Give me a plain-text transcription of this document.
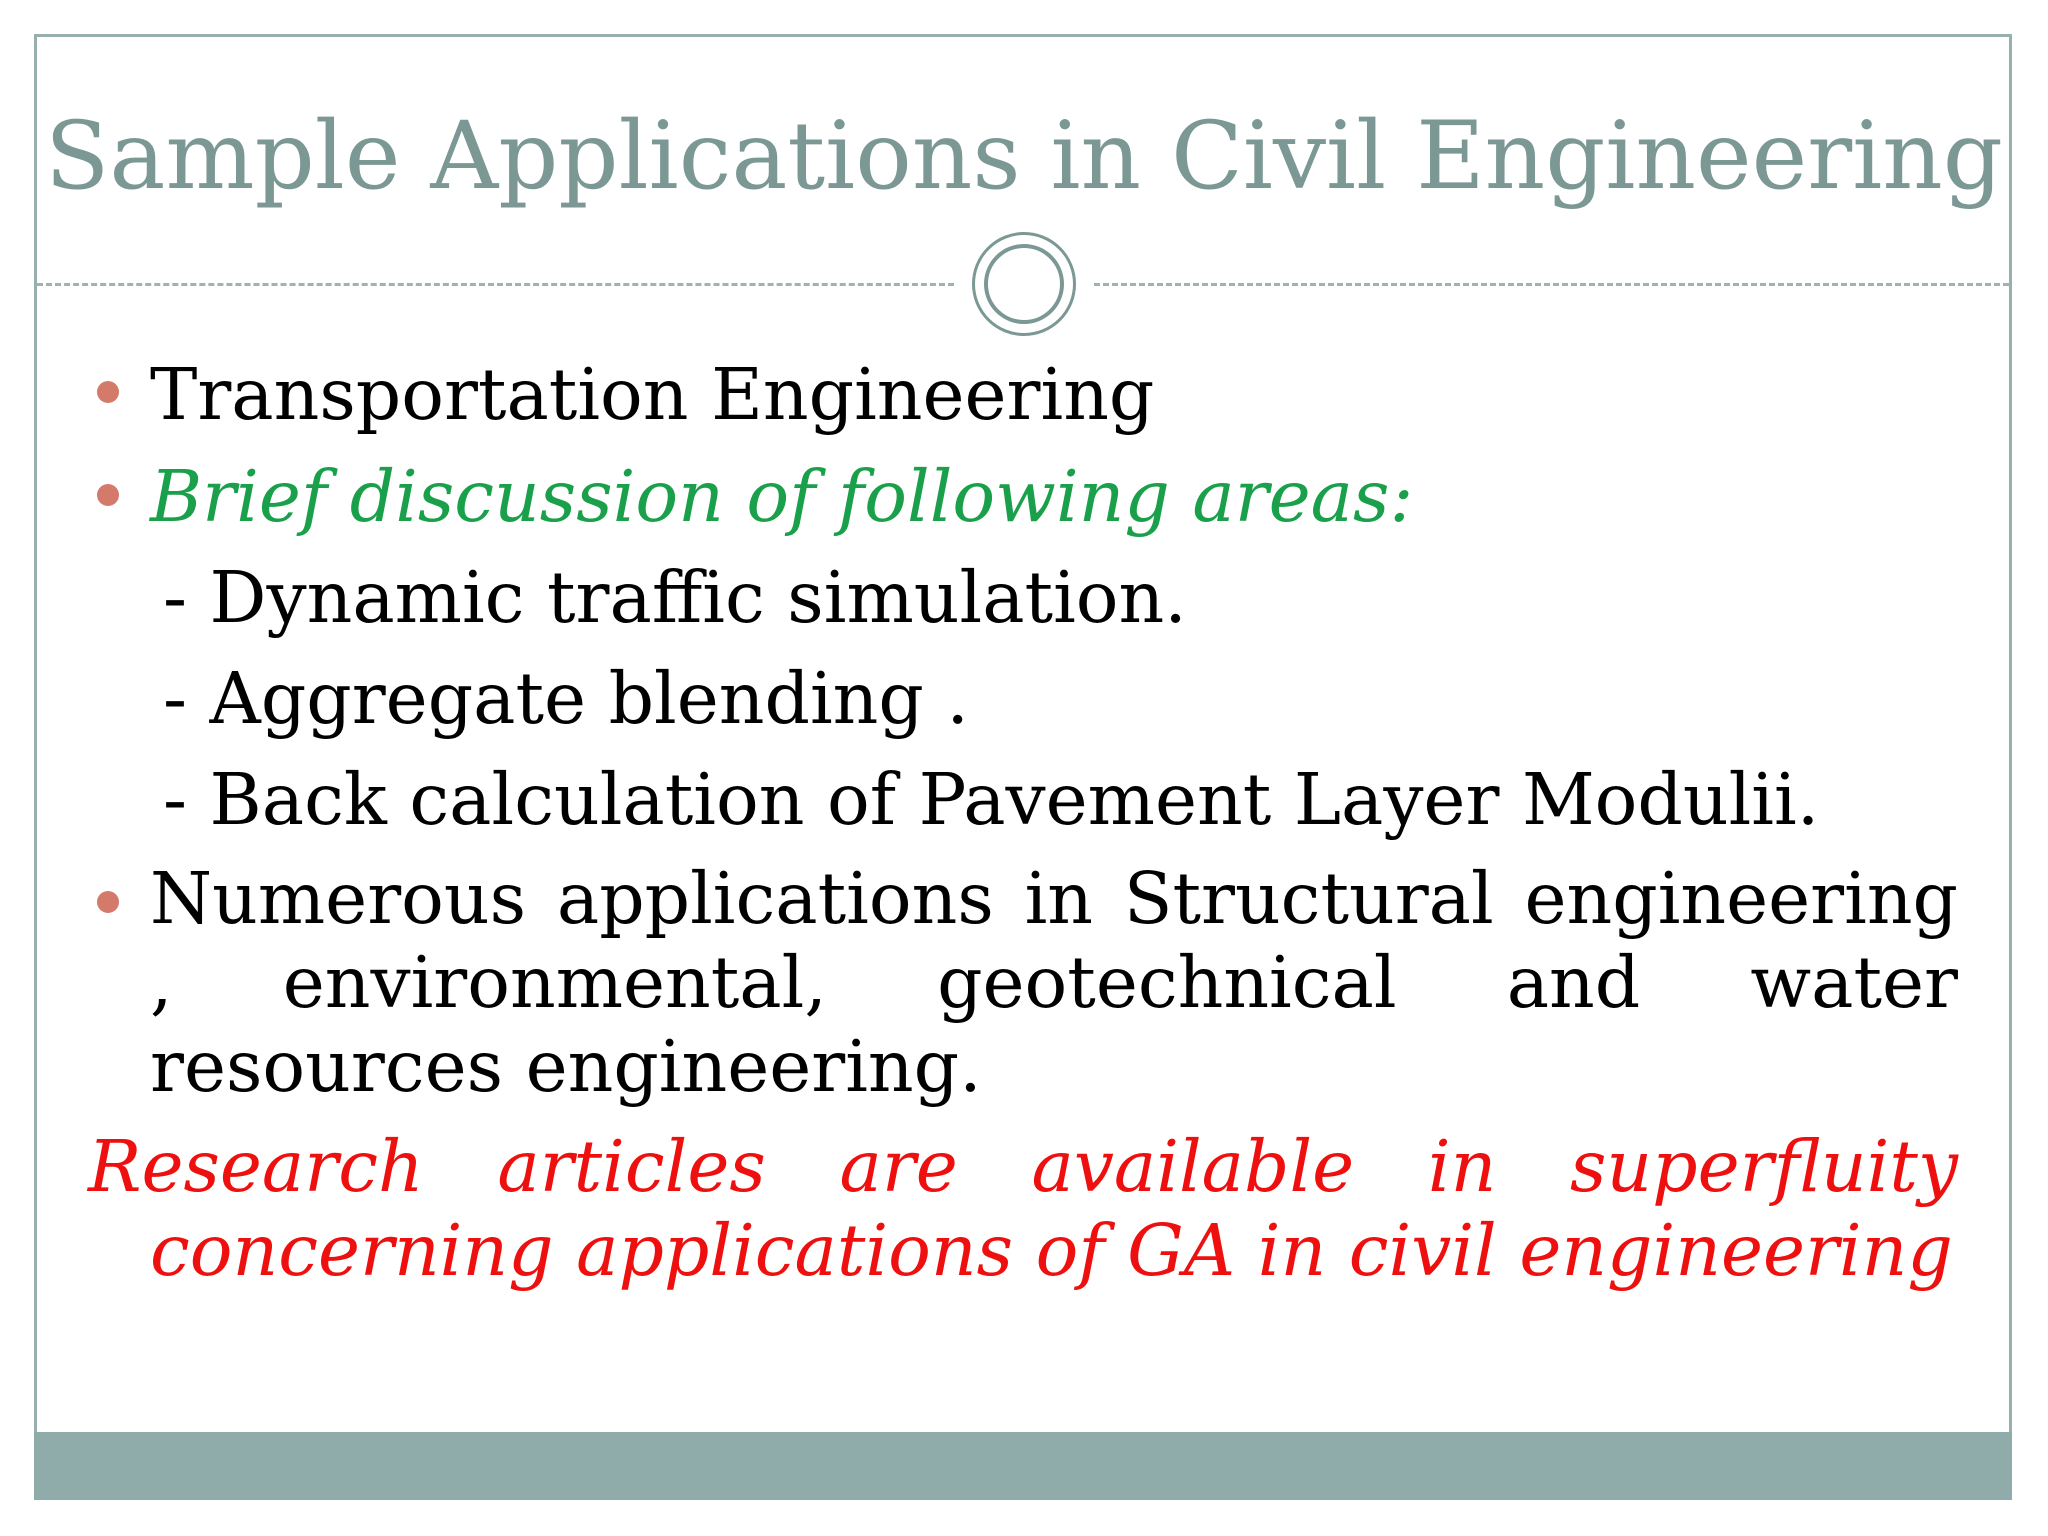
Sample Applications in Civil Engineering
Transportation Engineering
Brief discussion of following areas:
- Dynamic traffic simulation.
- Aggregate blending .
- Back calculation of Pavement Layer Modulii.
Numerous applications in Structural engineering , environmental, geotechnical and water resources engineering.
Research articles are available in superfluity concerning applications of GA in civil engineering
